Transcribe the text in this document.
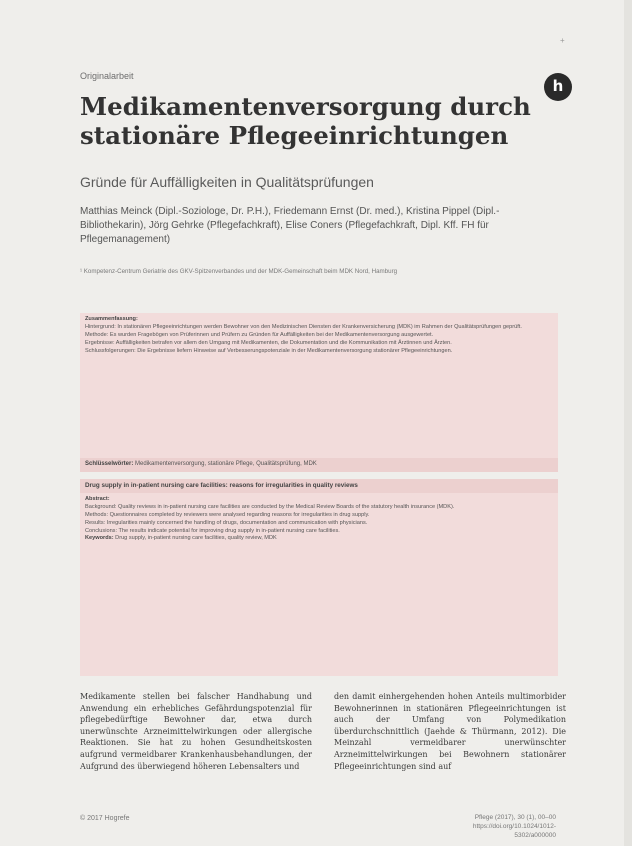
+
Originalarbeit
h
Medikamentenversorgung durch stationäre Pflegeeinrichtungen
Gründe für Auffälligkeiten in Qualitätsprüfungen
Matthias Meinck (Dipl.-Soziologe, Dr. P.H.), Friedemann Ernst (Dr. med.), Kristina Pippel (Dipl.-Bibliothekarin), Jörg Gehrke (Pflegefachkraft), Elise Coners (Pflegefachkraft, Dipl. Kff. FH für Pflegemanagement)
¹ Kompetenz-Centrum Geriatrie des GKV-Spitzenverbandes und der MDK-Gemeinschaft beim MDK Nord, Hamburg

Zusammenfassung:

Hintergrund: In stationären Pflegeeinrichtungen werden Bewohner von den Medizinischen Diensten der Krankenversicherung (MDK) im Rahmen der Qualitätsprüfungen geprüft.

Methode: Es wurden Fragebögen von Prüferinnen und Prüfern zu Gründen für Auffälligkeiten bei der Medikamentenversorgung ausgewertet.

Ergebnisse: Auffälligkeiten betrafen vor allem den Umgang mit Medikamenten, die Dokumentation und die Kommunikation mit Ärztinnen und Ärzten.

Schlussfolgerungen: Die Ergebnisse liefern Hinweise auf Verbesserungspotenziale in der Medikamentenversorgung stationärer Pflegeeinrichtungen.

Schlüsselwörter: Medikamentenversorgung, stationäre Pflege, Qualitätsprüfung, MDK
Drug supply in in-patient nursing care facilities: reasons for irregularities in quality reviews

Abstract:

Background: Quality reviews in in-patient nursing care facilities are conducted by the Medical Review Boards of the statutory health insurance (MDK).

Methods: Questionnaires completed by reviewers were analysed regarding reasons for irregularities in drug supply.

Results: Irregularities mainly concerned the handling of drugs, documentation and communication with physicians.

Conclusions: The results indicate potential for improving drug supply in in-patient nursing care facilities.

Keywords: Drug supply, in-patient nursing care facilities, quality review, MDK

Medikamente stellen bei falscher Handhabung und Anwendung ein erhebliches Gefährdungspotenzial für pflegebedürftige Bewohner dar, etwa durch unerwünschte Arzneimittelwirkungen oder allergische Reaktionen. Sie hat zu hohen Gesundheitskosten aufgrund vermeidbarer Krankenhausbehandlungen, der Aufgrund des überwiegend höheren Lebensalters und
den damit einhergehenden hohen Anteils multimorbider Bewohnerinnen in stationären Pflegeeinrichtungen ist auch der Umfang von Polymedikation überdurchschnittlich (Jaehde & Thürmann, 2012). Die Meinzahl vermeidbarer unerwünschter Arzneimittelwirkungen bei Bewohnern stationärer Pflegeeinrichtungen sind auf
© 2017 Hogrefe	Pflege (2017), 30 (1), 00–00
https://doi.org/10.1024/1012-5302/a000000
